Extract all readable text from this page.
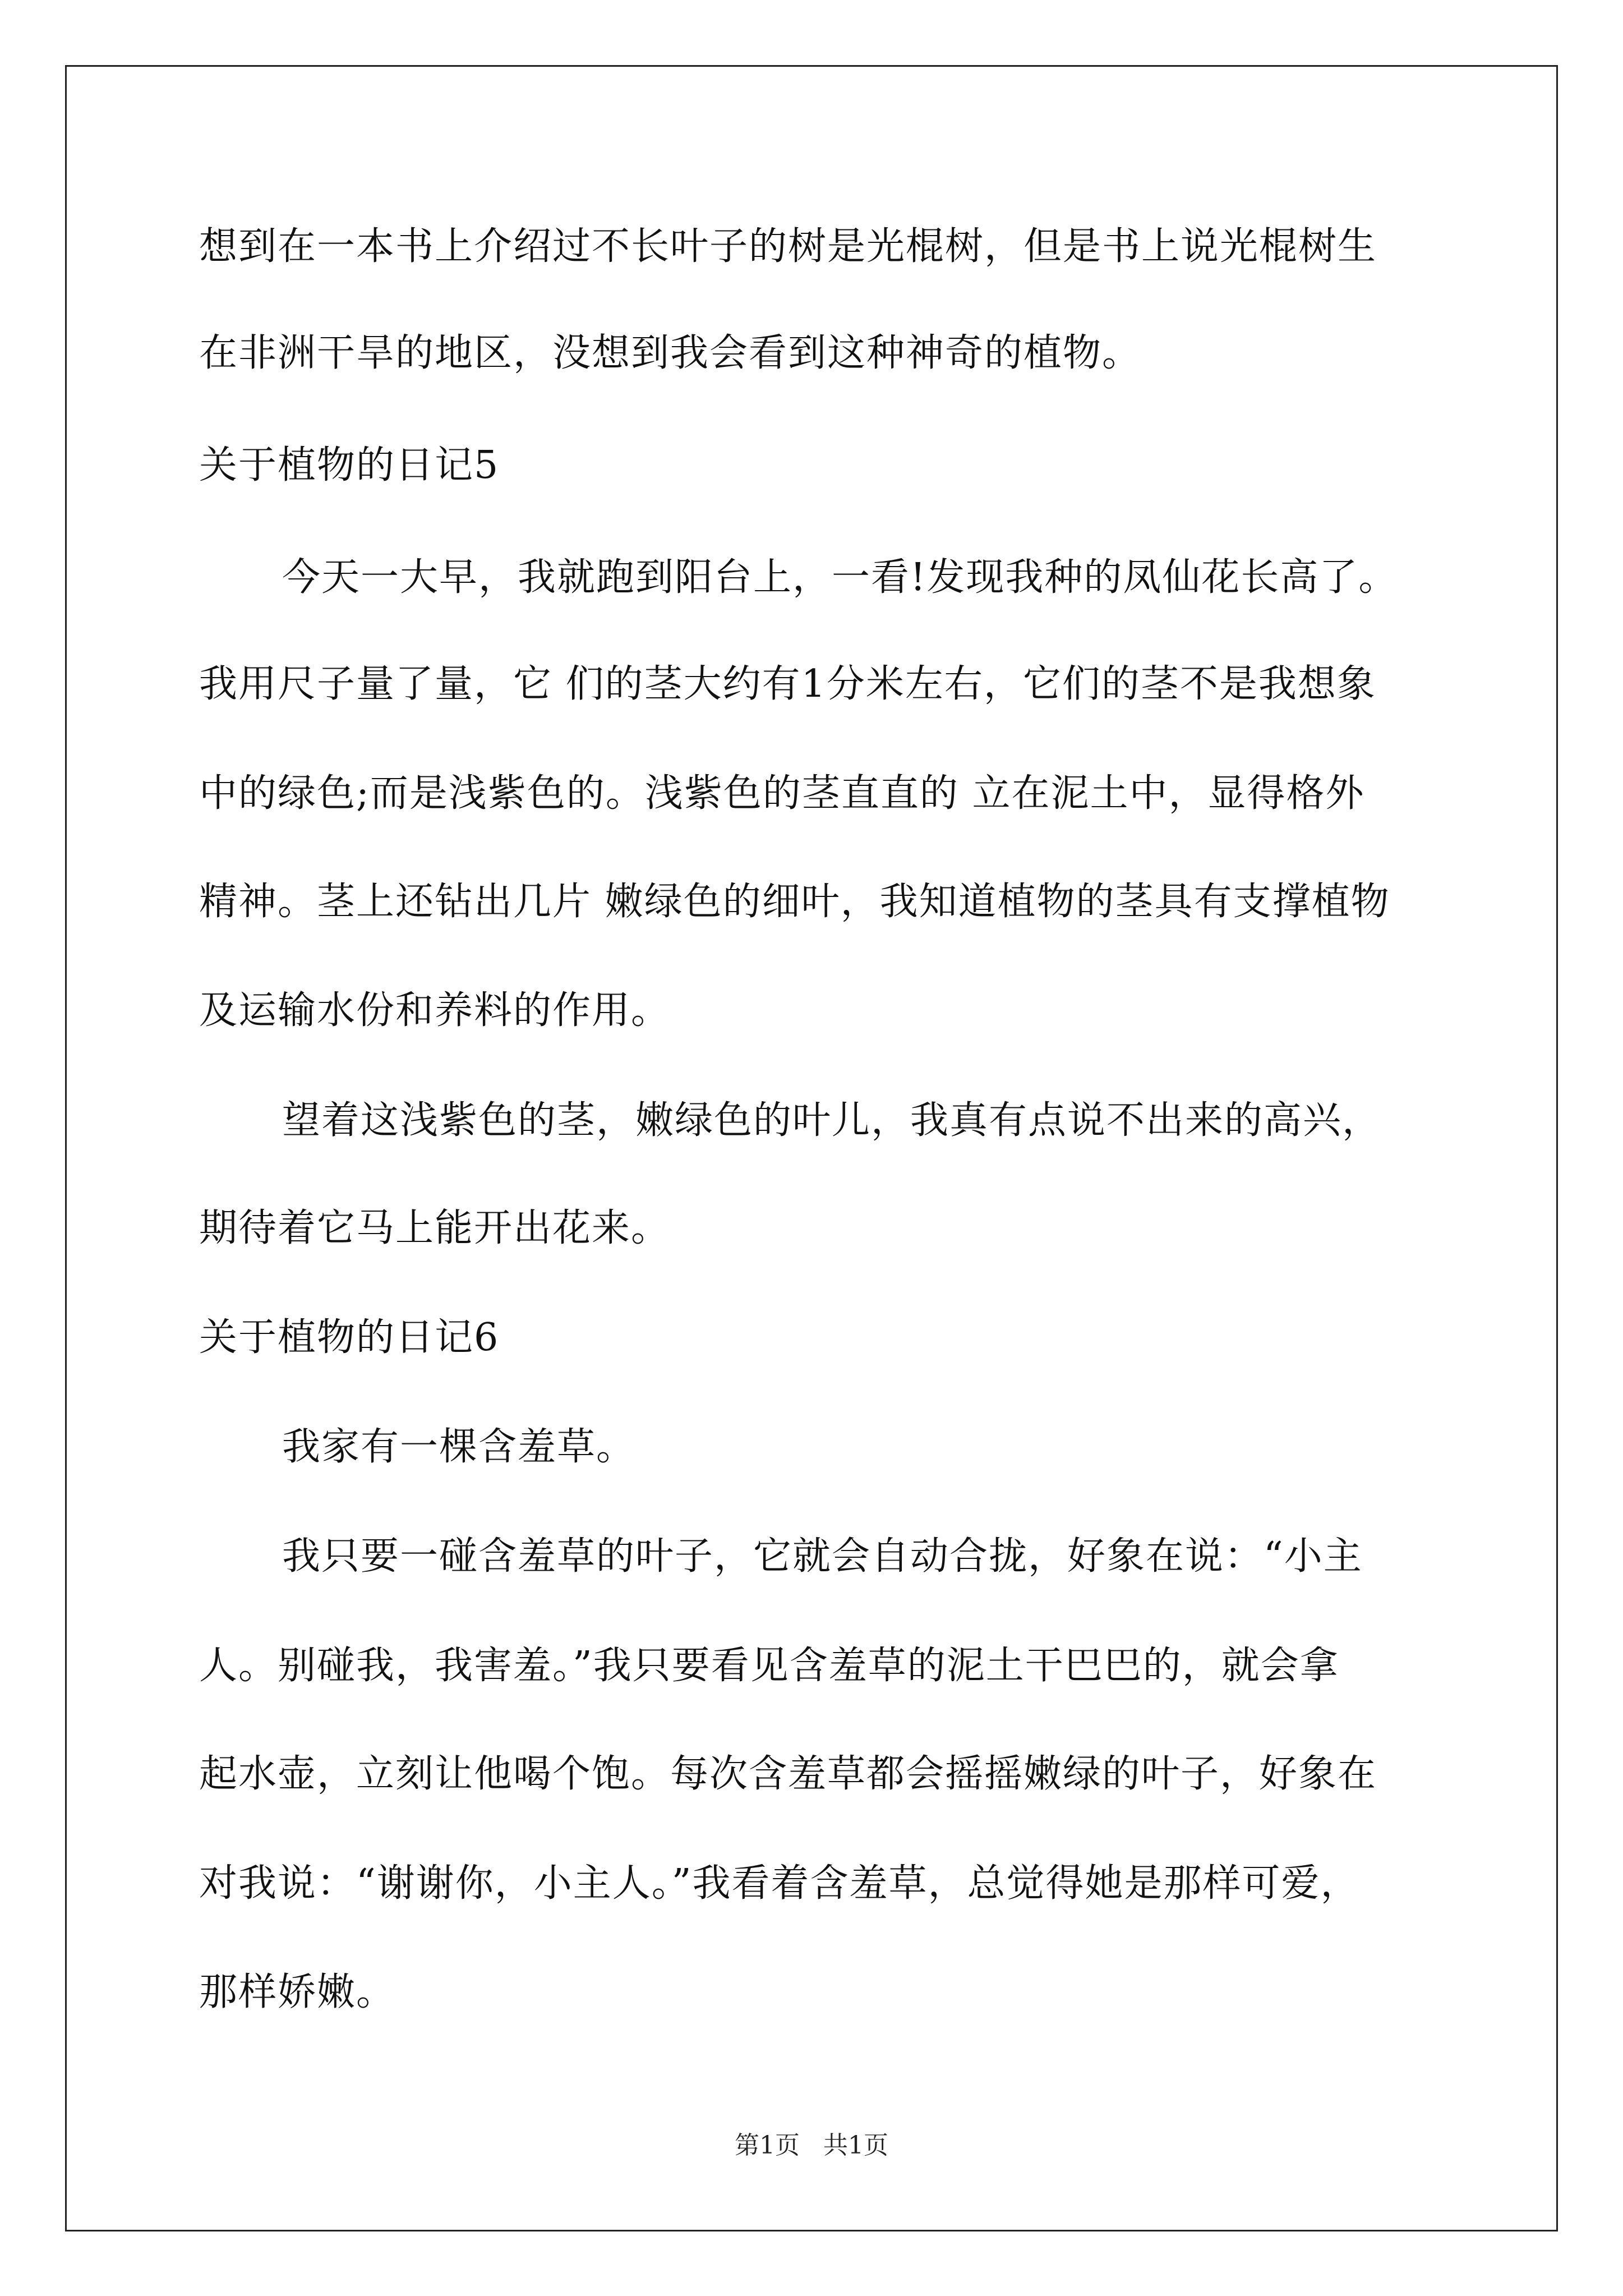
想到在一本书上介绍过不长叶子的树是光棍树，但是书上说光棍树生
在非洲干旱的地区，没想到我会看到这种神奇的植物。
关于植物的日记5
今天一大早，我就跑到阳台上，一看!发现我种的凤仙花长高了。
我用尺子量了量，它 们的茎大约有1分米左右，它们的茎不是我想象
中的绿色;而是浅紫色的。浅紫色的茎直直的 立在泥土中，显得格外
精神。茎上还钻出几片 嫩绿色的细叶，我知道植物的茎具有支撑植物
及运输水份和养料的作用。
望着这浅紫色的茎，嫩绿色的叶儿，我真有点说不出来的高兴，
期待着它马上能开出花来。
关于植物的日记6
我家有一棵含羞草。
我只要一碰含羞草的叶子，它就会自动合拢，好象在说：“小主
人。别碰我，我害羞。”我只要看见含羞草的泥土干巴巴的，就会拿
起水壶，立刻让他喝个饱。每次含羞草都会摇摇嫩绿的叶子，好象在
对我说：“谢谢你，小主人。”我看着含羞草，总觉得她是那样可爱，
那样娇嫩。
第1页 共1页
